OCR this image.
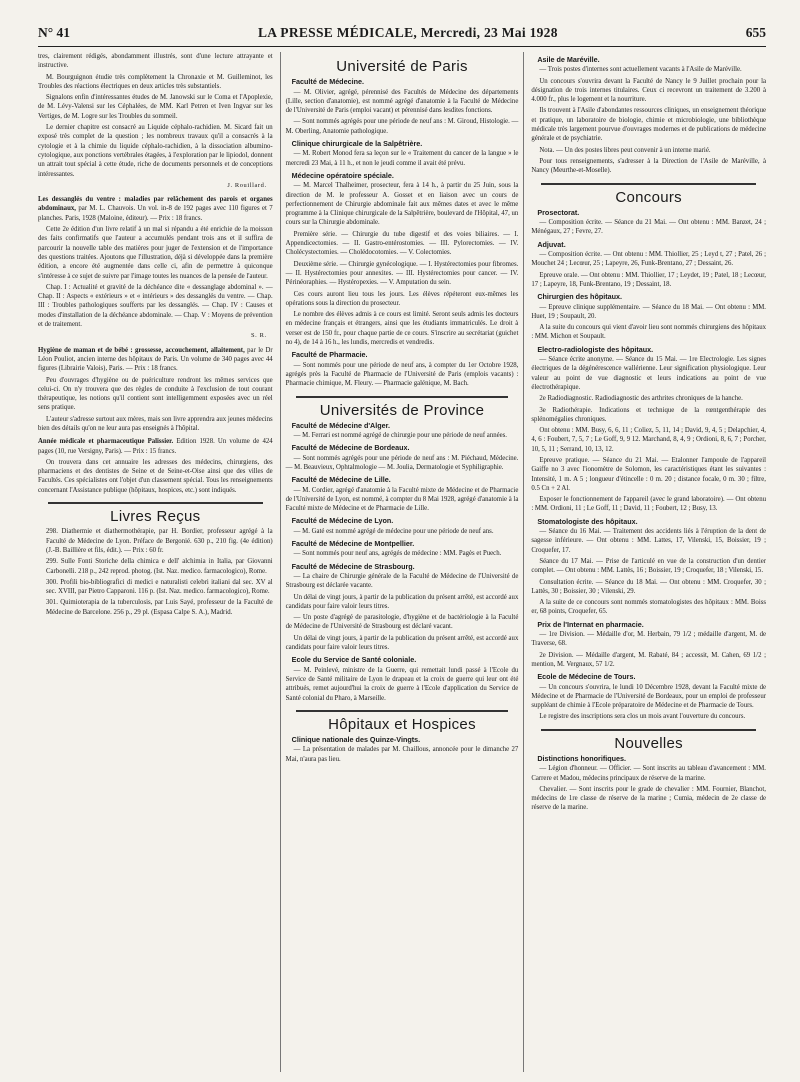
N° 41	LA PRESSE MÉDICALE, Mercredi, 23 Mai 1928	655

tres, clairement rédigés, abondamment illustrés, sont d'une lecture attrayante et instructive.

M. Bourguignon étudie très complètement la Chronaxie et M. Guilleminot, les Troubles des réactions électriques en deux articles très substantiels.

Signalons enfin d'intéressantes études de M. Janowski sur le Coma et l'Apoplexie, de M. Lévy-Valensi sur les Céphalées, de MM. Karl Petren et Iven Ingvar sur les Vertiges, de M. Logre sur les Troubles du sommeil.

Le dernier chapitre est consacré au Liquide céphalo-rachidien. M. Sicard fait un exposé très complet de la question ; les nombreux travaux qu'il a consacrés à la cytologie et à la chimie du liquide céphalo-rachidien, à la dissociation albumino-cytologique, aux ponctions vertébrales étagées, à l'exploration par le lipiodol, donnent un attrait tout spécial à cette étude, riche de documents personnels et de conceptions intéressantes.

J. Rouillard.

Les dessanglés du ventre : maladies par relâchement des parois et organes abdominaux, par M. L. Chauvois. Un vol. in-8 de 192 pages avec 110 figures et 7 planches. Paris, 1928 (Maloine, éditeur). — Prix : 18 francs.

Cette 2e édition d'un livre relatif à un mal si répandu a été enrichie de la moisson des faits confirmatifs que l'auteur a accumulés pendant trois ans et il suffira de parcourir la nouvelle table des matières pour juger de l'extension et de l'importance des questions traitées. Ajoutons que l'illustration, déjà si développée dans la première édition, a encore été augmentée dans celle ci, afin de permettre à quiconque s'intéresse à ce sujet de suivre par l'image toutes les nuances de la pensée de l'auteur.

Chap. I : Actualité et gravité de la déchéance dite « dessanglage abdominal ». — Chap. II : Aspects « extérieurs » et « intérieurs » des dessanglés du ventre. — Chap. III : Troubles pathologiques soufferts par les dessanglés. — Chap. IV : Causes et modes d'installation de la déchéance abdominale. — Chap. V : Moyens de prévention et de traitement.

S. R.

Hygiène de maman et de bébé : grossesse, accouchement, allaitement, par le Dr Léon Pouliot, ancien interne des hôpitaux de Paris. Un volume de 340 pages avec 44 figures (Librairie Valois), Paris. — Prix : 18 francs.

Peu d'ouvrages d'hygiène ou de puériculture rendront les mêmes services que celui-ci. On n'y trouvera que des règles de conduite à l'exclusion de tout courant thérapeutique, les notions qu'il contient sont intelligemment exposées avec un réel sens pratique.

L'auteur s'adresse surtout aux mères, mais son livre apprendra aux jeunes médecins bien des détails qu'on ne leur aura pas enseignés à l'hôpital.

Année médicale et pharmaceutique Palissier. Edition 1928. Un volume de 424 pages (10, rue Versigny, Paris). — Prix : 15 francs.

On trouvera dans cet annuaire les adresses des médecins, chirurgiens, des pharmaciens et des dentistes de Seine et de Seine-et-Oise ainsi que des villes de Facultés. Ces spécialistes ont l'objet d'un classement spécial. Tous les renseignements concernant l'Assistance publique (hôpitaux, hospices, etc.) sont indiqués.

Livres Reçus

298. Diathermie et diathermothérapie, par H. Bordier, professeur agrégé à la Faculté de Médecine de Lyon. Préface de Bergonié. 630 p., 210 fig. (4e édition) (J.-B. Baillière et fils, édit.). — Prix : 60 fr.

299. Sulle Fonti Storiche della chimica e dell' alchimia in Italia, par Giovanni Carbonelli. 218 p., 242 reprod. photog. (Ist. Naz. medico. farmacologico), Rome.

300. Profili bio-bibliografici di medici e naturalisti celebri italiani dal sec. XV al sec. XVIII, par Pietro Capparoni. 116 p. (Ist. Naz. medico. farmacologico), Rome.

301. Quimioterapia de la tuberculosis, par Luis Sayé, professeur de la Faculté de Médecine de Barcelone. 256 p., 29 pl. (Espasa Calpe S. A.), Madrid.

Université de Paris
Faculté de Médecine.

— M. Olivier, agrégé, pérennisé des Facultés de Médecine des départements (Lille, section d'anatomie), est nommé agrégé d'anatomie à la Faculté de Médecine de l'Université de Paris (emploi vacant) et pérennisé dans lesdites fonctions.

— Sont nommés agrégés pour une période de neuf ans : M. Giroud, Histologie. — M. Oberling, Anatomie pathologique.

Clinique chirurgicale de la Salpêtrière.

— M. Robert Monod fera sa leçon sur le « Traitement du cancer de la langue » le mercredi 23 Mai, à 11 h., et non le jeudi comme il avait été prévu.

Médecine opératoire spéciale.

— M. Marcel Thalheimer, prosecteur, fera à 14 h., à partir du 25 Juin, sous la direction de M. le professeur A. Gosset et en liaison avec un cours de perfectionnement de Chirurgie abdominale fait aux mêmes dates et avec le même programme à la Clinique chirurgicale de la Salpêtrière, boulevard de l'Hôpital, 47, un cours sur la Chirurgie abdominale.

Première série. — Chirurgie du tube digestif et des voies biliaires. — I. Appendicectomies. — II. Gastro-entérostomies. — III. Pylorectomies. — IV. Cholécystectomies. — Cholédocotomies. — V. Colectomies.

Deuxième série. — Chirurgie gynécologique. — I. Hystérectomies pour fibromes. — II. Hystérectomies pour annexites. — III. Hystérectomies pour cancer. — IV. Périnéoraphies. — Hystéropexies. — V. Amputation du sein.

Ces cours auront lieu tous les jours. Les élèves répéteront eux-mêmes les opérations sous la direction du prosecteur.

Le nombre des élèves admis à ce cours est limité. Seront seuls admis les docteurs en médecine français et étrangers, ainsi que les étudiants immatriculés. Le droit à verser est de 150 fr., pour chaque partie de ce cours. S'inscrire au secrétariat (guichet no 4), de 14 à 16 h., les lundis, mercredis et vendredis.

Faculté de Pharmacie.

— Sont nommés pour une période de neuf ans, à compter du 1er Octobre 1928, agrégés près la Faculté de Pharmacie de l'Université de Paris (emplois vacants) : Pharmacie chimique, M. Fleury. — Pharmacie galénique, M. Bach.

Universités de Province
Faculté de Médecine d'Alger.

— M. Ferrari est nommé agrégé de chirurgie pour une période de neuf années.

Faculté de Médecine de Bordeaux.

— Sont nommés agrégés pour une période de neuf ans : M. Piéchaud, Médecine. — M. Beauvieux, Ophtalmologie — M. Joulia, Dermatologie et Syphiligraphie.

Faculté de Médecine de Lille.

— M. Cordier, agrégé d'anatomie à la Faculté mixte de Médecine et de Pharmacie de l'Université de Lyon, est nommé, à compter du 8 Mai 1928, agrégé d'anatomie à la Faculté mixte de Médecine et de Pharmacie de Lille.

Faculté de Médecine de Lyon.

— M. Gaté est nommé agrégé de médecine pour une période de neuf ans.

Faculté de Médecine de Montpellier.

— Sont nommés pour neuf ans, agrégés de médecine : MM. Pagès et Puech.

Faculté de Médecine de Strasbourg.

— La chaire de Chirurgie générale de la Faculté de Médecine de l'Université de Strasbourg est déclarée vacante.

Un délai de vingt jours, à partir de la publication du présent arrêté, est accordé aux candidats pour faire valoir leurs titres.

— Un poste d'agrégé de parasitologie, d'hygiène et de bactériologie à la Faculté de Médecine de l'Université de Strasbourg est déclaré vacant.

Un délai de vingt jours, à partir de la publication du présent arrêté, est accordé aux candidats pour faire valoir leurs titres.

Ecole du Service de Santé coloniale.

— M. Peinlevé, ministre de la Guerre, qui remettait lundi passé à l'Ecole du Service de Santé militaire de Lyon le drapeau et la croix de guerre qui leur ont été attribués, remet aujourd'hui la croix de guerre à l'Ecole d'application du Service de Santé colonial du Pharo, à Marseille.

Hôpitaux et Hospices
Clinique nationale des Quinze-Vingts.

— La présentation de malades par M. Chaillous, annoncée pour le dimanche 27 Mai, n'aura pas lieu.

Asile de Maréville.

— Trois postes d'internes sont actuellement vacants à l'Asile de Maréville.

Un concours s'ouvrira devant la Faculté de Nancy le 9 Juillet prochain pour la désignation de trois internes titulaires. Ceux ci recevront un traitement de 3.200 à 4.000 fr., plus le logement et la nourriture.

Ils trouvent à l'Asile d'abondantes ressources cliniques, un enseignement théorique et pratique, un laboratoire de biologie, chimie et microbiologie, une bibliothèque médicale très largement pourvue d'ouvrages modernes et de publications de médecine générale et de psychiatrie.

Nota. — Un des postes libres peut convenir à un interne marié.

Pour tous renseignements, s'adresser à la Direction de l'Asile de Maréville, à Nancy (Meurthe-et-Moselle).

Concours
Prosectorat.

— Composition écrite. — Séance du 21 Mai. — Ont obtenu : MM. Banzet, 24 ; Ménégaux, 27 ; Fevre, 27.

Adjuvat.

— Composition écrite. — Ont obtenu : MM. Thiollier, 25 ; Leyd t, 27 ; Patel, 26 ; Mouchet 24 ; Lecœur, 25 ; Lapeyre, 26, Funk-Brentano, 27 ; Dessaint, 26.

Epreuve orale. — Ont obtenu : MM. Thiollier, 17 ; Leydet, 19 ; Patel, 18 ; Lecœur, 17 ; Lapeyre, 18, Funk-Brentano, 19 ; Dessaint, 18.

Chirurgien des hôpitaux.

— Epreuve clinique supplémentaire. — Séance du 18 Mai. — Ont obtenu : MM. Huet, 19 ; Soupault, 20.

A la suite du concours qui vient d'avoir lieu sont nommés chirurgiens des hôpitaux : MM. Michon et Soupault.

Electro-radiologiste des hôpitaux.

— Séance écrite anonyme. — Séance du 15 Mai. — 1re Electrologie. Les signes électriques de la dégénérescence wallérienne. Leur signification physiologique. Leur valeur au point de vue diagnostic et leurs indications au point de vue électrothérapique.

2e Radiodiagnostic. Radiodiagnostic des arthrites chroniques de la hanche.

3e Radiothérapie. Indications et technique de la rœntgenthérapie des splénomégalies chroniques.

Ont obtenu : MM. Busy, 6, 6, 11 ; Coliez, 5, 11, 14 ; David, 9, 4, 5 ; Delapchier, 4, 4, 6 : Foubert, 7, 5, 7 ; Le Goff, 9, 9 12. Marchand, 8, 4, 9 ; Ordioni, 8, 6, 7 ; Porcher, 10, 5, 11 ; Serrand, 10, 13, 12.

Epreuve pratique. — Séance du 21 Mai. — Etalonner l'ampoule de l'appareil Gaiffe no 3 avec l'ionomètre de Solomon, les caractéristiques étant les suivantes : Intensité, 1 m. A 5 ; longueur d'étincelle : 0 m. 20 ; distance focale, 0 m. 30 ; filtre, 0.5 Cn + 2 Al.

Exposer le fonctionnement de l'appareil (avec le grand laboratoire). — Ont obtenu : MM. Ordioni, 11 ; Le Goff, 11 ; David, 11 ; Foubert, 12 ; Busy, 13.

Stomatologiste des hôpitaux.

— Séance du 16 Mai. — Traitement des accidents liés à l'éruption de la dent de sagesse inférieure. — Ont obtenu : MM. Lattes, 17, Vilenski, 15, Boissier, 19 ; Croquefer, 17.

Séance du 17 Mai. — Prise de l'articulé en vue de la construction d'un dentier complet. — Ont obtenu : MM. Lattès, 16 ; Boissier, 19 ; Croquefer, 18 ; Vilenski, 15.

Consultation écrite. — Séance du 18 Mai. — Ont obtenu : MM. Croquefer, 30 ; Lattès, 30 ; Boissier, 30 ; Vilenski, 29.

A la suite de ce concours sont nommés stomatologistes des hôpitaux : MM. Boiss er, 68 points, Croquefer, 65.

Prix de l'Internat en pharmacie.

— 1re Division. — Médaille d'or, M. Herbain, 79 1/2 ; médaille d'argent, M. de Traverse, 68.

2e Division. — Médaille d'argent, M. Rabaté, 84 ; accessit, M. Cahen, 69 1/2 ; mention, M. Vergnaux, 57 1/2.

Ecole de Médecine de Tours.

— Un concours s'ouvrira, le lundi 10 Décembre 1928, devant la Faculté mixte de Médecine et de Pharmacie de l'Université de Bordeaux, pour un emploi de professeur suppléant de chimie à l'Ecole préparatoire de Médecine et de Pharmacie de Tours.

Le registre des inscriptions sera clos un mois avant l'ouverture du concours.

Nouvelles
Distinctions honorifiques.

— Légion d'honneur. — Officier. — Sont inscrits au tableau d'avancement : MM. Carrere et Madou, médecins principaux de réserve de la marine.

Chevalier. — Sont inscrits pour le grade de chevalier : MM. Fournier, Blanchot, médecins de 1re classe de réserve de la marine ; Cumia, médecin de 2e classe de réserve de la marine.
